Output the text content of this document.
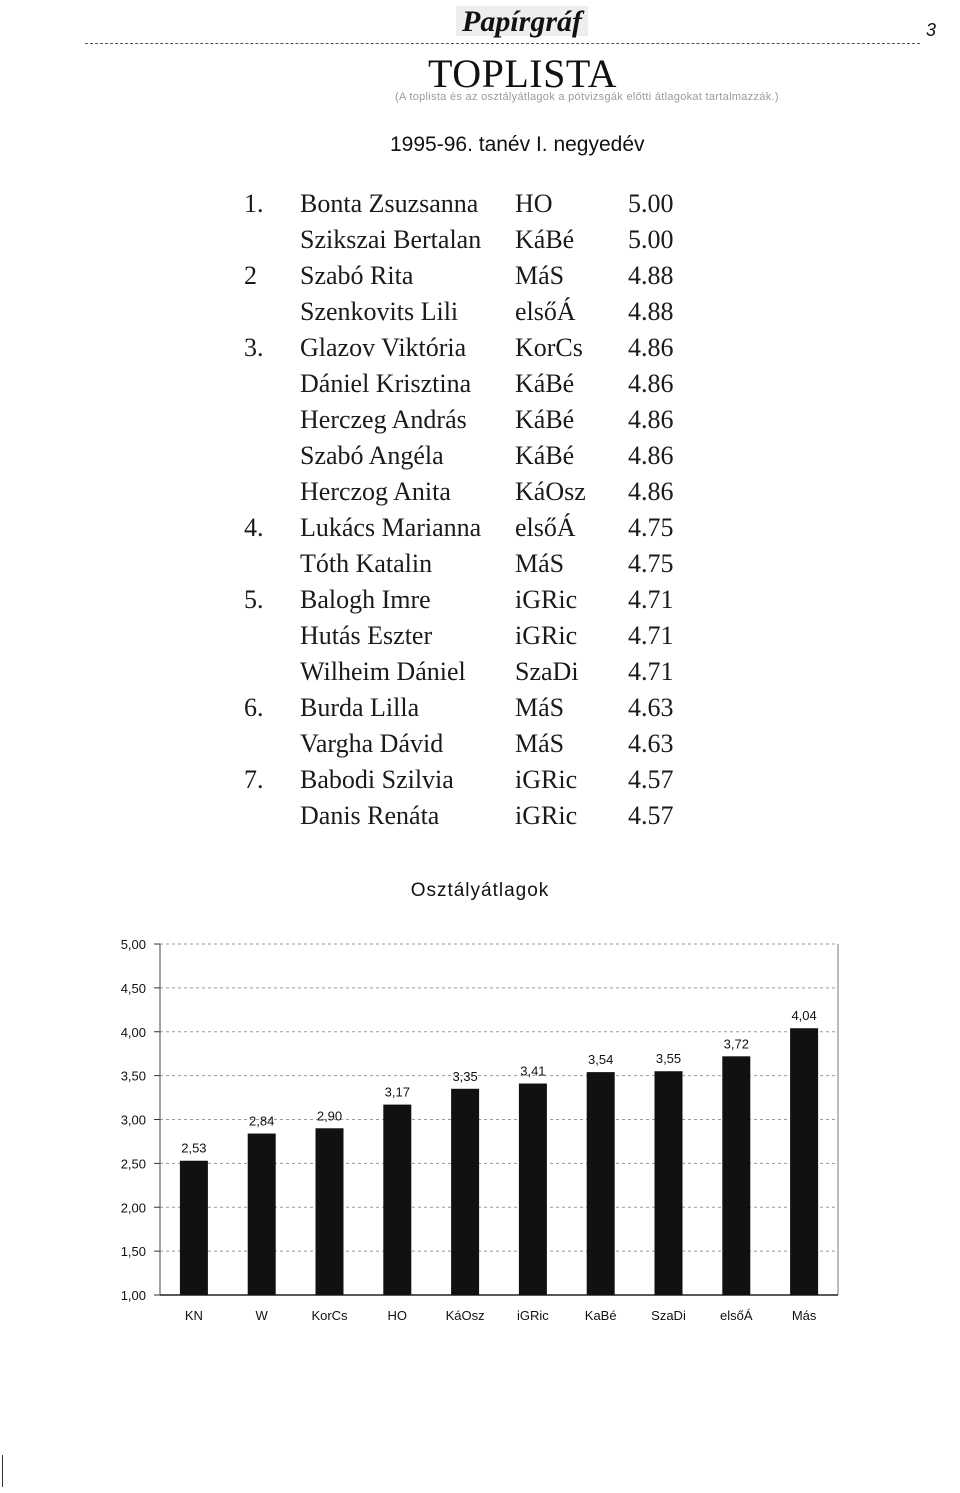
Papírgráf	3
TOPLISTA
(A toplista és az osztályátlagok a pótvizsgák előtti átlagokat tartalmazzák.)
1995-96. tanév I. negyedév
1. Bonta Zsuzsanna HO	5.00
Szikszai Bertalan KáBé 5.00
2 Szabó Rita	MáS 4.88
Szenkovits Lili elsőÁ 4.88
3. Glazov Viktória KorCs 4.86
Dániel Krisztina KáBé 4.86
Herczeg András KáBé 4.86
Szabó Angéla	KáBé 4.86
Herczog Anita KáOsz 4.86
4. Lukács Marianna elsőÁ 4.75
Tóth Katalin	MáS 4.75
5. Balogh Imre	iGRic 4.71
Hutás Eszter	iGRic 4.71
Wilheim Dániel SzaDi 4.71
6. Burda Lilla	MáS 4.63
Vargha Dávid	MáS 4.63
7. Babodi Szilvia iGRic 4.57
Danis Renáta	iGRic 4.57
Osztályátlagok
5,00
4,50
4,00
3,50
3,00
2,50
2,00
1,50
1,00
2,53
KN
2,84
W
2,90
KorCs
3,17
HO
3,35
KáOsz
3,41
iGRic
3,54
KaBé
3,55
SzaDi
3,72
elsőÁ
4,04
Más
